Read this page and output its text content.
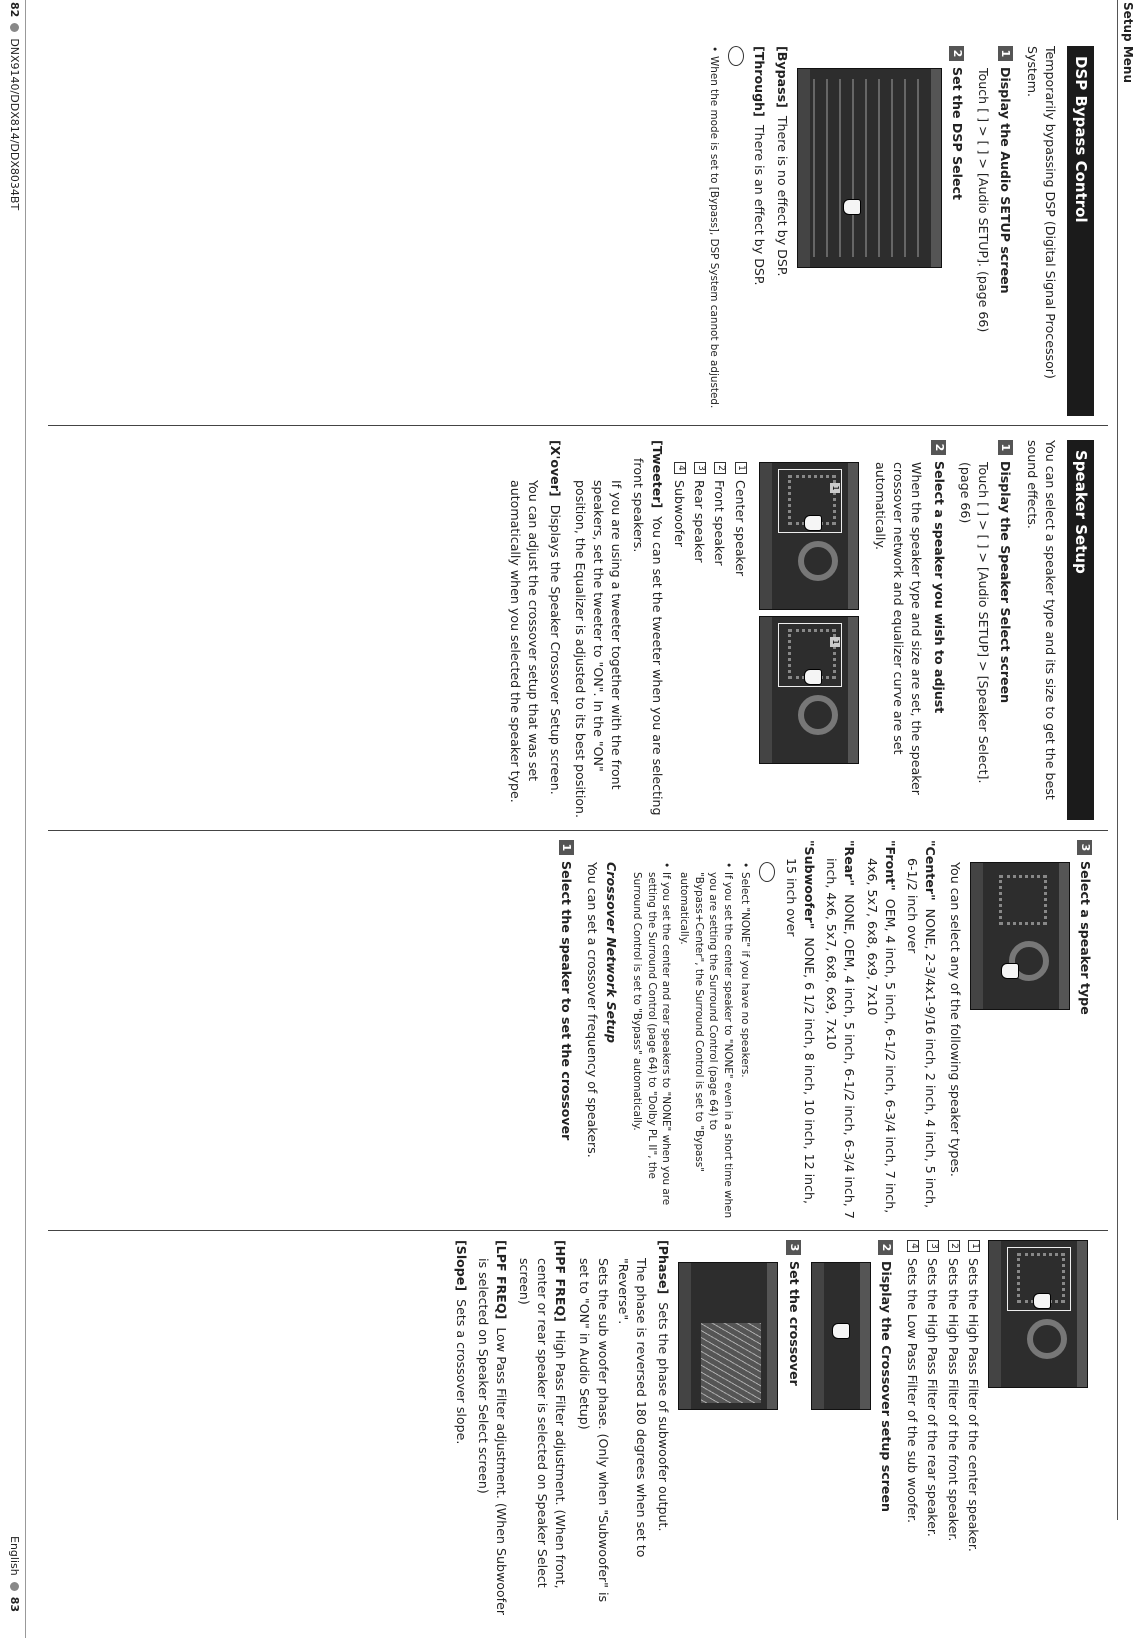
Setup Menu
82
DNX9140/DDX814/DDX8034BT
English
83
DSP Bypass Control

Temporarily bypassing DSP (Digital Signal Processor) System.

1
Display the Audio SETUP screen

Touch [ ] > [ ] > [Audio SETUP]. (page 66)

2
Set the DSP Select
[Bypass]  There is no effect by DSP.
[Through]  There is an effect by DSP.
• When the mode is set to [Bypass], DSP System cannot be adjusted.
Speaker Setup

You can select a speaker type and its size to get the best sound effects.

1
Display the Speaker Select screen

Touch [ ] > [ ] > [Audio SETUP] > [Speaker Select]. (page 66)

2
Select a speaker you wish to adjust

When the speaker type and size are set, the speaker crossover network and equalizer curve are set automatically.

1
1
1
Center speaker
2
Front speaker
3
Rear speaker
4
Subwoofer
[Tweeter]  You can set the tweeter when you are selecting front speakers.

If you are using a tweeter together with the front speakers, set the tweeter to "ON". In the "ON" position, the Equalizer is adjusted to its best position.

[X'over]  Displays the Speaker Crossover Setup screen.

You can adjust the crossover setup that was set automatically when you selected the speaker type.

3
Select a speaker type

You can select any of the following speaker types.

"Center"  NONE, 2-3/4x1-9/16 inch, 2 inch, 4 inch, 5 inch, 6-1/2 inch over
"Front"  OEM, 4 inch, 5 inch, 6-1/2 inch, 6-3/4 inch, 7 inch, 4x6, 5x7, 6x8, 6x9, 7x10
"Rear"  NONE, OEM, 4 inch, 5 inch, 6-1/2 inch, 6-3/4 inch, 7 inch, 4x6, 5x7, 6x8, 6x9, 7x10
"Subwoofer"  NONE, 6 1/2 inch, 8 inch, 10 inch, 12 inch, 15 inch over
• Select "NONE" if you have no speakers.
• If you set the center speaker to "NONE" even in a short time when you are setting the Surround Control (page 64) to "Bypass+Center", the Surround Control is set to "Bypass" automatically.
• If you set the center and rear speakers to "NONE" when you are setting the Surround Control (page 64) to "Dolby PL II", the Surround Control is set to "Bypass" automatically.
Crossover Network Setup

You can set a crossover frequency of speakers.

1
Select the speaker to set the crossover
1
Sets the High Pass Filter of the center speaker.
2
Sets the High Pass Filter of the front speaker.
3
Sets the High Pass Filter of the rear speaker.
4
Sets the Low Pass Filter of the sub woofer.
2
Display the Crossover setup screen
3
Set the crossover
[Phase]  Sets the phase of subwoofer output.

The phase is reversed 180 degrees when set to "Reverse".

Sets the sub woofer phase. (Only when "Subwoofer" is set to "ON" in Audio Setup)

[HPF FREQ]  High Pass Filter adjustment. (When front, center or rear speaker is selected on Speaker Select screen)
[LPF FREQ]  Low Pass Filter adjustment. (When Subwoofer is selected on Speaker Select screen)
[Slope]  Sets a crossover slope.
